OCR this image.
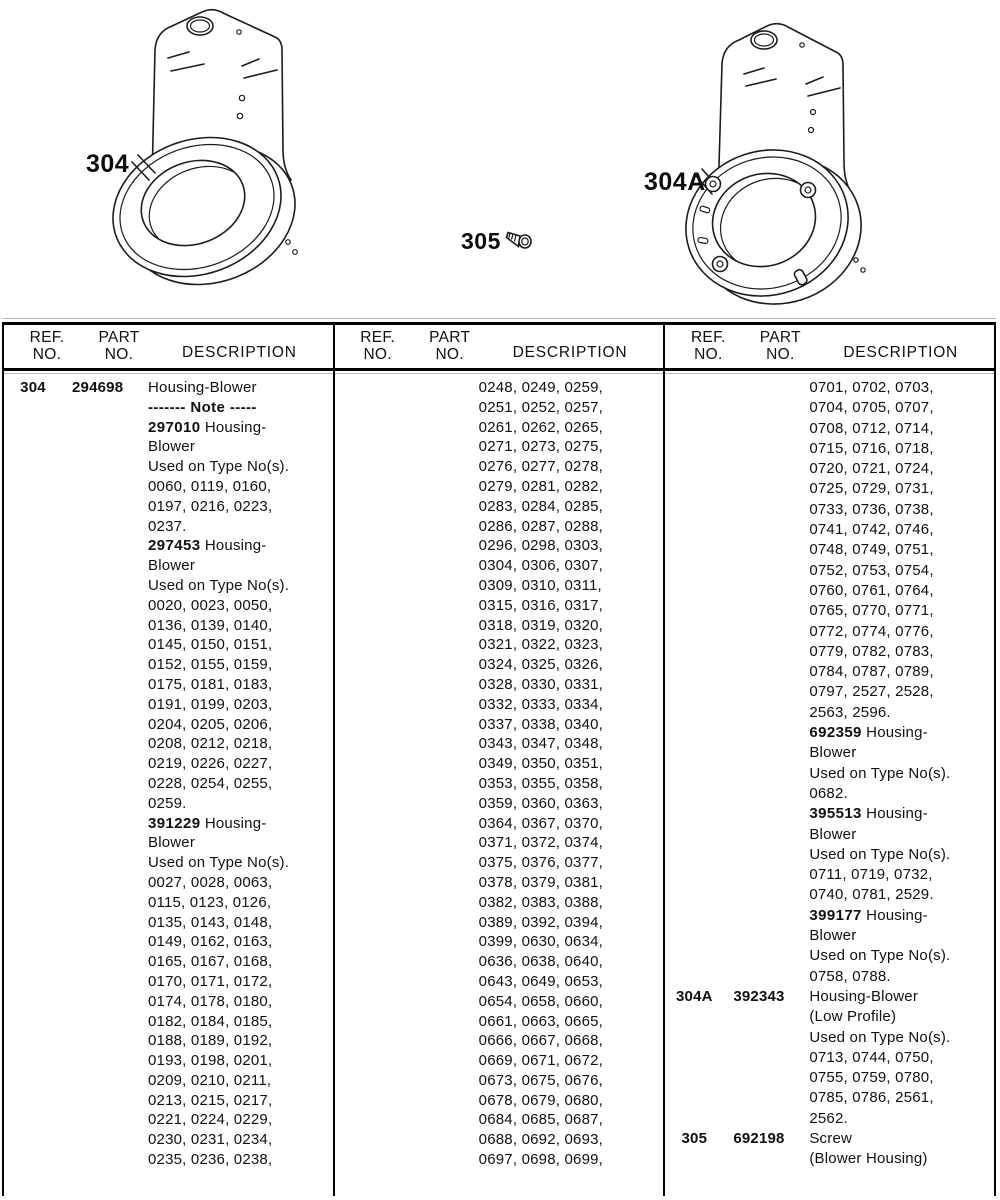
304
304A
305
REF.
NO.
PART
NO.	DESCRIPTION
304	294698	Housing-Blower
------- Note -----
297010 Housing-
Blower
Used on Type No(s).
0060, 0119, 0160,
0197, 0216, 0223,
0237.
297453 Housing-
Blower
Used on Type No(s).
0020, 0023, 0050,
0136, 0139, 0140,
0145, 0150, 0151,
0152, 0155, 0159,
0175, 0181, 0183,
0191, 0199, 0203,
0204, 0205, 0206,
0208, 0212, 0218,
0219, 0226, 0227,
0228, 0254, 0255,
0259.
391229 Housing-
Blower
Used on Type No(s).
0027, 0028, 0063,
0115, 0123, 0126,
0135, 0143, 0148,
0149, 0162, 0163,
0165, 0167, 0168,
0170, 0171, 0172,
0174, 0178, 0180,
0182, 0184, 0185,
0188, 0189, 0192,
0193, 0198, 0201,
0209, 0210, 0211,
0213, 0215, 0217,
0221, 0224, 0229,
0230, 0231, 0234,
0235, 0236, 0238,
REF.
NO.
PART
NO.	DESCRIPTION
0248, 0249, 0259,
0251, 0252, 0257,
0261, 0262, 0265,
0271, 0273, 0275,
0276, 0277, 0278,
0279, 0281, 0282,
0283, 0284, 0285,
0286, 0287, 0288,
0296, 0298, 0303,
0304, 0306, 0307,
0309, 0310, 0311,
0315, 0316, 0317,
0318, 0319, 0320,
0321, 0322, 0323,
0324, 0325, 0326,
0328, 0330, 0331,
0332, 0333, 0334,
0337, 0338, 0340,
0343, 0347, 0348,
0349, 0350, 0351,
0353, 0355, 0358,
0359, 0360, 0363,
0364, 0367, 0370,
0371, 0372, 0374,
0375, 0376, 0377,
0378, 0379, 0381,
0382, 0383, 0388,
0389, 0392, 0394,
0399, 0630, 0634,
0636, 0638, 0640,
0643, 0649, 0653,
0654, 0658, 0660,
0661, 0663, 0665,
0666, 0667, 0668,
0669, 0671, 0672,
0673, 0675, 0676,
0678, 0679, 0680,
0684, 0685, 0687,
0688, 0692, 0693,
0697, 0698, 0699,
REF.
NO.
PART
NO.	DESCRIPTION
0701, 0702, 0703,
0704, 0705, 0707,
0708, 0712, 0714,
0715, 0716, 0718,
0720, 0721, 0724,
0725, 0729, 0731,
0733, 0736, 0738,
0741, 0742, 0746,
0748, 0749, 0751,
0752, 0753, 0754,
0760, 0761, 0764,
0765, 0770, 0771,
0772, 0774, 0776,
0779, 0782, 0783,
0784, 0787, 0789,
0797, 2527, 2528,
2563, 2596.
692359 Housing-
Blower
Used on Type No(s).
0682.
395513 Housing-
Blower
Used on Type No(s).
0711, 0719, 0732,
0740, 0781, 2529.
399177 Housing-
Blower
Used on Type No(s).
0758, 0788.
304A	392343	Housing-Blower
(Low Profile)
Used on Type No(s).
0713, 0744, 0750,
0755, 0759, 0780,
0785, 0786, 2561,
2562.
305	692198	Screw
(Blower Housing)
